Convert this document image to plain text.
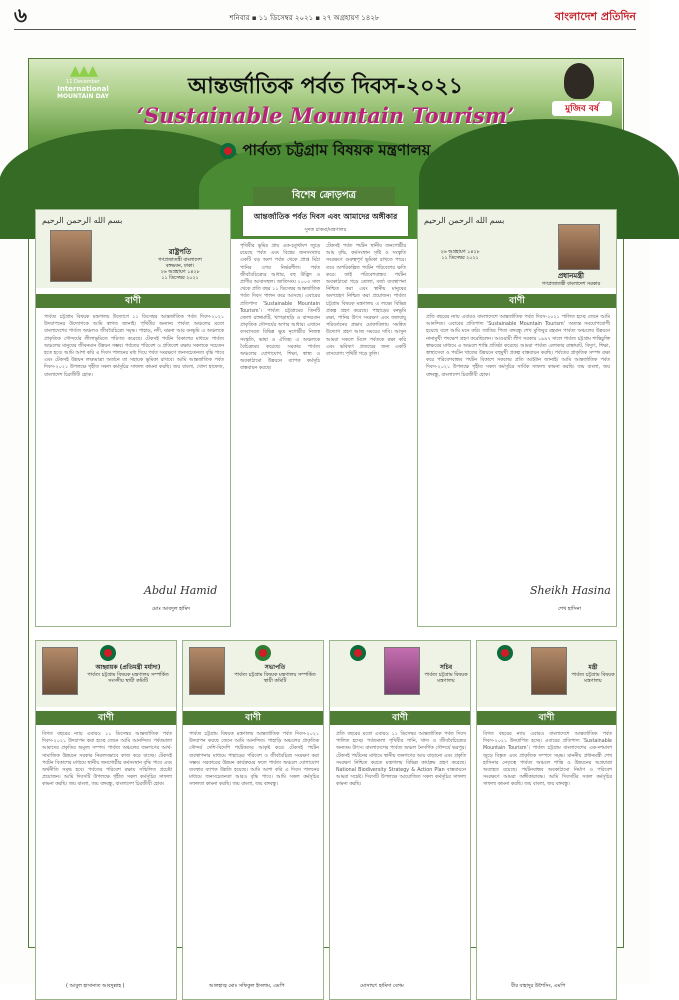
৬	শনিবার ▪ ১১ ডিসেম্বর ২০২১ ▪ ২৭ অগ্রহায়ণ ১৪২৮	বাংলাদেশ প্রতিদিন
▲▲▲
11 December
International
MOUNTAIN DAY	আন্তর্জাতিক পর্বত দিবস-২০২১
‘Sustainable Mountain Tourism’
পার্বত্য চট্টগ্রাম বিষয়ক মন্ত্রণালয়
মুজিব বর্ষ
বিশেষ ক্রোড়পত্র
بسم الله الرحمن الرحيم
রাষ্ট্রপতি
গণপ্রজাতন্ত্রী বাংলাদেশ
বঙ্গভবন, ঢাকা।
২৬ অগ্রহায়ণ ১৪২৮
১১ ডিসেম্বর ২০২১
বাণী
পার্বত্য চট্টগ্রাম বিষয়ক মন্ত্রণালয় উদ্যোগে ১১ ডিসেম্বর আন্তর্জাতিক পর্বত দিবস-২০২১ উদযাপনের উদ্যোগকে আমি স্বাগত জানাই। পৃথিবীর অন্যান্য পার্বত্য অঞ্চলের মতো বাংলাদেশের পার্বত্য অঞ্চলও জীববৈচিত্র্যে সমৃদ্ধ। পাহাড়, নদী, ঝরনা আর বনভূমি এ অঞ্চলকে প্রাকৃতিক সৌন্দর্যের লীলাভূমিতে পরিণত করেছে। টেকসই পর্যটন বিকাশের মাধ্যমে পার্বত্য অঞ্চলের মানুষের জীবনমান উন্নয়ন সম্ভব। পর্বতের পরিবেশ ও প্রতিবেশ রক্ষায় সকলকে সচেতন হতে হবে। আমি আশা করি এ দিবস পালনের মধ্য দিয়ে পর্বত সংরক্ষণে জনসচেতনতা বৃদ্ধি পাবে এবং টেকসই উন্নয়ন লক্ষ্যমাত্রা অর্জনে তা সহায়ক ভূমিকা রাখবে। আমি আন্তর্জাতিক পর্বত দিবস-২০২১ উপলক্ষে গৃহীত সকল কর্মসূচির সাফল্য কামনা করছি। জয় বাংলা, খোদা হাফেজ, বাংলাদেশ চিরজীবী হোক।
Abdul Hamid
মোঃ আবদুল হামিদ
আন্তর্জাতিক পর্বত দিবস এবং আমাদের অঙ্গীকার
সুদত্ত চাকমা/মন্ত্রণালয়
পৃথিবীর ভূমির প্রায় এক-চতুর্থাংশ জুড়ে রয়েছে পর্বত এবং বিশ্বের জনসংখ্যার একটি বড় অংশ পর্বত থেকে প্রাপ্ত মিঠা পানির ওপর নির্ভরশীল। পর্বত জীববৈচিত্র্যের আধার, বহু উদ্ভিদ ও প্রাণীর আবাসস্থল। জাতিসংঘ ২০০৩ সাল থেকে প্রতি বছর ১১ ডিসেম্বর আন্তর্জাতিক পর্বত দিবস পালন করে আসছে। এবারের প্রতিপাদ্য ‘Sustainable Mountain Tourism’। পার্বত্য চট্টগ্রামের তিনটি জেলা রাঙ্গামাটি, খাগড়াছড়ি ও বান্দরবান প্রাকৃতিক সৌন্দর্যের অপার আধার। এখানে বসবাসরত বিভিন্ন ক্ষুদ্র নৃগোষ্ঠীর নিজস্ব সংস্কৃতি, ভাষা ও ঐতিহ্য এ অঞ্চলকে বৈচিত্র্যময় করেছে। সরকার পার্বত্য অঞ্চলের যোগাযোগ, শিক্ষা, স্বাস্থ্য ও অবকাঠামো উন্নয়নে ব্যাপক কর্মসূচি বাস্তবায়ন করছে।
টেকসই পর্বত পর্যটন স্থানীয় জনগোষ্ঠীর আয় বৃদ্ধি, কর্মসংস্থান সৃষ্টি ও সংস্কৃতি সংরক্ষণে গুরুত্বপূর্ণ ভূমিকা রাখতে পারে। তবে অপরিকল্পিত পর্যটন পরিবেশের ক্ষতি করে। তাই পরিবেশবান্ধব পর্যটন অবকাঠামো গড়ে তোলা, বর্জ্য ব্যবস্থাপনা নিশ্চিত করা এবং স্থানীয় মানুষের অংশগ্রহণ নিশ্চিত করা প্রয়োজন। পার্বত্য চট্টগ্রাম বিষয়ক মন্ত্রণালয় এ লক্ষ্যে বিভিন্ন প্রকল্প গ্রহণ করেছে। পাহাড়ের বনভূমি রক্ষা, পানির উৎস সংরক্ষণ এবং জলবায়ু পরিবর্তনের প্রভাব মোকাবিলায় সমন্বিত উদ্যোগ গ্রহণ আজ সময়ের দাবি। আসুন আমরা সকলে মিলে পর্বতকে রক্ষা করি এবং ভবিষ্যৎ প্রজন্মের জন্য একটি বাসযোগ্য পৃথিবী গড়ে তুলি।
بسم الله الرحمن الرحيم
প্রধানমন্ত্রী
গণপ্রজাতন্ত্রী বাংলাদেশ সরকার
২৬ অগ্রহায়ণ ১৪২৮
১১ ডিসেম্বর ২০২১
বাণী
প্রতি বছরের ন্যায় এবারও বাংলাদেশে আন্তর্জাতিক পর্বত দিবস-২০২১ পালিত হচ্ছে জেনে আমি আনন্দিত। এবারের প্রতিপাদ্য ‘Sustainable Mountain Tourism’ অত্যন্ত সময়োপযোগী হয়েছে বলে আমি মনে করি। জাতির পিতা বঙ্গবন্ধু শেখ মুজিবুর রহমান পার্বত্য অঞ্চলের উন্নয়নে নানামুখী পদক্ষেপ গ্রহণ করেছিলেন। আওয়ামী লীগ সরকার ১৯৯৭ সালে পার্বত্য চট্টগ্রাম শান্তিচুক্তি স্বাক্ষরের মাধ্যমে এ অঞ্চলে শান্তি প্রতিষ্ঠা করেছে। আমরা পার্বত্য এলাকার রাস্তাঘাট, বিদ্যুৎ, শিক্ষা, স্বাস্থ্যসেবা ও পর্যটন খাতের উন্নয়নে বহুমুখী প্রকল্প বাস্তবায়ন করছি। পর্বতের প্রাকৃতিক সম্পদ রক্ষা করে পরিবেশবান্ধব পর্যটন বিকাশে সকলের প্রতি আহ্বান জানাই। আমি আন্তর্জাতিক পর্বত দিবস-২০২১ উপলক্ষে গৃহীত সকল কর্মসূচির সার্বিক সাফল্য কামনা করছি। জয় বাংলা, জয় বঙ্গবন্ধু, বাংলাদেশ চিরজীবী হোক।
Sheikh Hasina
শেখ হাসিনা
আহ্বায়ক (প্রতিমন্ত্রী মর্যাদা)
পার্বত্য চট্টগ্রাম বিষয়ক মন্ত্রণালয় সম্পর্কিত সংসদীয় স্থায়ী কমিটি
বাণী
বিগত বছরের ন্যায় এবারও ১১ ডিসেম্বর আন্তর্জাতিক পর্বত দিবস-২০২১ উদযাপন করা হচ্ছে জেনে আমি আনন্দিত। পর্বতমালা আমাদের প্রকৃতির অমূল্য সম্পদ। পার্বত্য অঞ্চলের জনগণের আর্থ-সামাজিক উন্নয়নে সরকার নিরলসভাবে কাজ করে যাচ্ছে। টেকসই পর্যটন বিকাশের মাধ্যমে স্থানীয় জনগোষ্ঠীর কর্মসংস্থান বৃদ্ধি পাবে এবং অর্থনীতি সমৃদ্ধ হবে। পর্বতের পরিবেশ রক্ষায় সম্মিলিত প্রচেষ্টা প্রয়োজন। আমি দিবসটি উপলক্ষে গৃহীত সকল কর্মসূচির সাফল্য কামনা করছি। জয় বাংলা, জয় বঙ্গবন্ধু, বাংলাদেশ চিরজীবী হোক।
( আবুল হাসানাত আবদুল্লাহ )
সভাপতি
পার্বত্য চট্টগ্রাম বিষয়ক মন্ত্রণালয় সম্পর্কিত স্থায়ী কমিটি
বাণী
পার্বত্য চট্টগ্রাম বিষয়ক মন্ত্রণালয় আন্তর্জাতিক পর্বত দিবস-২০২১ উদযাপন করছে জেনে আমি আনন্দিত। পাহাড়ি অঞ্চলের প্রাকৃতিক সৌন্দর্য দেশি-বিদেশি পর্যটকদের আকৃষ্ট করে। টেকসই পর্যটন ব্যবস্থাপনার মাধ্যমে পাহাড়ের পরিবেশ ও জীববৈচিত্র্য সংরক্ষণ করা সম্ভব। সরকারের উন্নয়ন কার্যক্রমের ফলে পার্বত্য অঞ্চলে যোগাযোগ ব্যবস্থার ব্যাপক উন্নতি হয়েছে। আমি আশা করি এ দিবস পালনের মাধ্যমে জনসচেতনতা আরও বৃদ্ধি পাবে। আমি সকল কর্মসূচির সফলতা কামনা করছি। জয় বাংলা, জয় বঙ্গবন্ধু।
আলহাজ্ব মোঃ সফিকুল ইসলাম, এমপি
সচিব
পার্বত্য চট্টগ্রাম বিষয়ক মন্ত্রণালয়
বাণী
প্রতি বছরের মতো এবারও ১১ ডিসেম্বর আন্তর্জাতিক পর্বত দিবস পালিত হচ্ছে। পর্বতমালা পৃথিবীর পানি, খাদ্য ও জীববৈচিত্র্যের অন্যতম উৎস। বাংলাদেশের পার্বত্য অঞ্চল নৈসর্গিক সৌন্দর্যে ভরপুর। টেকসই পর্যটনের মাধ্যমে স্থানীয় জনগণের আয় বাড়ানো এবং প্রকৃতি সংরক্ষণ নিশ্চিত করতে মন্ত্রণালয় বিভিন্ন কার্যক্রম গ্রহণ করেছে। National Biodiversity Strategy & Action Plan বাস্তবায়নে আমরা সচেষ্ট। দিবসটি উপলক্ষে আয়োজিত সকল কর্মসূচির সাফল্য কামনা করছি।
মোসাম্মৎ হামিদা বেগম
মন্ত্রী
পার্বত্য চট্টগ্রাম বিষয়ক মন্ত্রণালয়
বাণী
বিগত বছরের ন্যায় এবারও বাংলাদেশে আন্তর্জাতিক পর্বত দিবস-২০২১ উদযাপিত হচ্ছে। এবারের প্রতিপাদ্য ‘Sustainable Mountain Tourism’। পার্বত্য চট্টগ্রাম বাংলাদেশের এক-দশমাংশ জুড়ে বিস্তৃত এবং প্রাকৃতিক সম্পদে সমৃদ্ধ। মাননীয় প্রধানমন্ত্রী শেখ হাসিনার নেতৃত্বে পার্বত্য অঞ্চলে শান্তি ও উন্নয়নের অগ্রযাত্রা অব্যাহত রয়েছে। পর্যটনবান্ধব অবকাঠামো নির্মাণ ও পরিবেশ সংরক্ষণে আমরা অঙ্গীকারাবদ্ধ। আমি দিবসটির সকল কর্মসূচির সাফল্য কামনা করছি। জয় বাংলা, জয় বঙ্গবন্ধু।
বীর বাহাদুর উশৈসিং, এমপি
